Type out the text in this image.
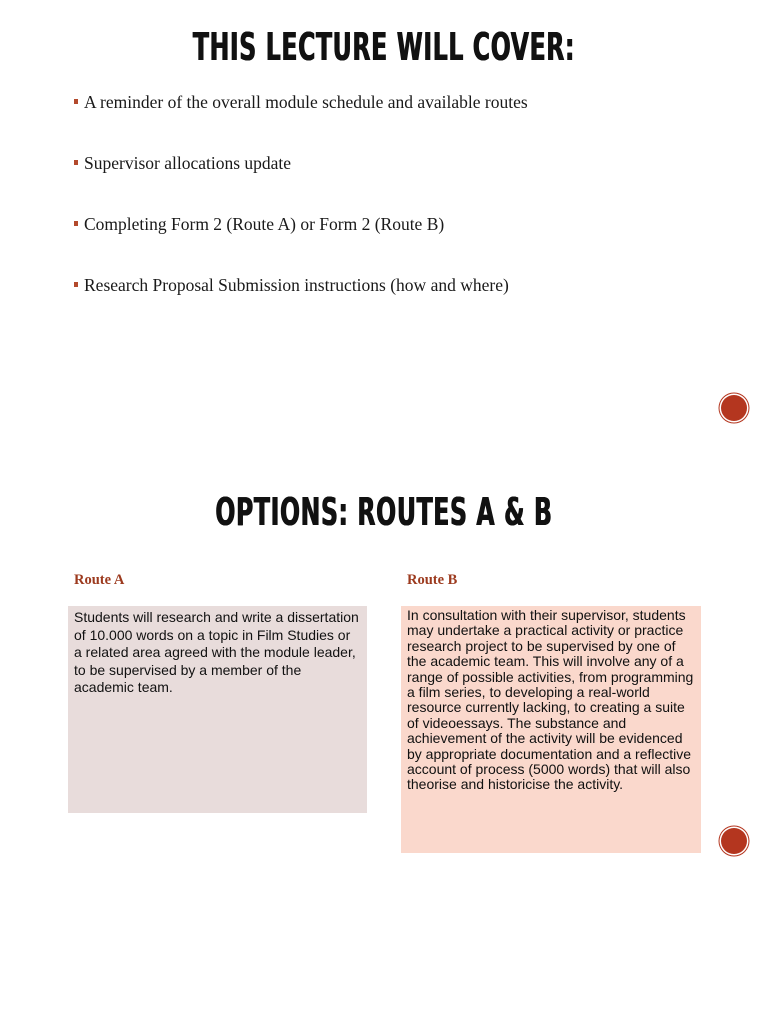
THIS LECTURE WILL COVER:
A reminder of the overall module schedule and available routes
Supervisor allocations update
Completing Form 2 (Route A) or Form 2 (Route B)
Research Proposal Submission instructions (how and where)
OPTIONS: ROUTES A & B
Route A	Route B
Students will research and write a dissertation of 10.000 words on a topic in Film Studies or a related area agreed with the module leader, to be supervised by a member of the academic team.
In consultation with their supervisor, students may undertake a practical activity or practice research project to be supervised by one of the academic team. This will involve any of a range of possible activities, from programming a film series, to developing a real-world resource currently lacking, to creating a suite of videoessays. The substance and achievement of the activity will be evidenced by appropriate documentation and a reflective account of process (5000 words) that will also theorise and historicise the activity.
